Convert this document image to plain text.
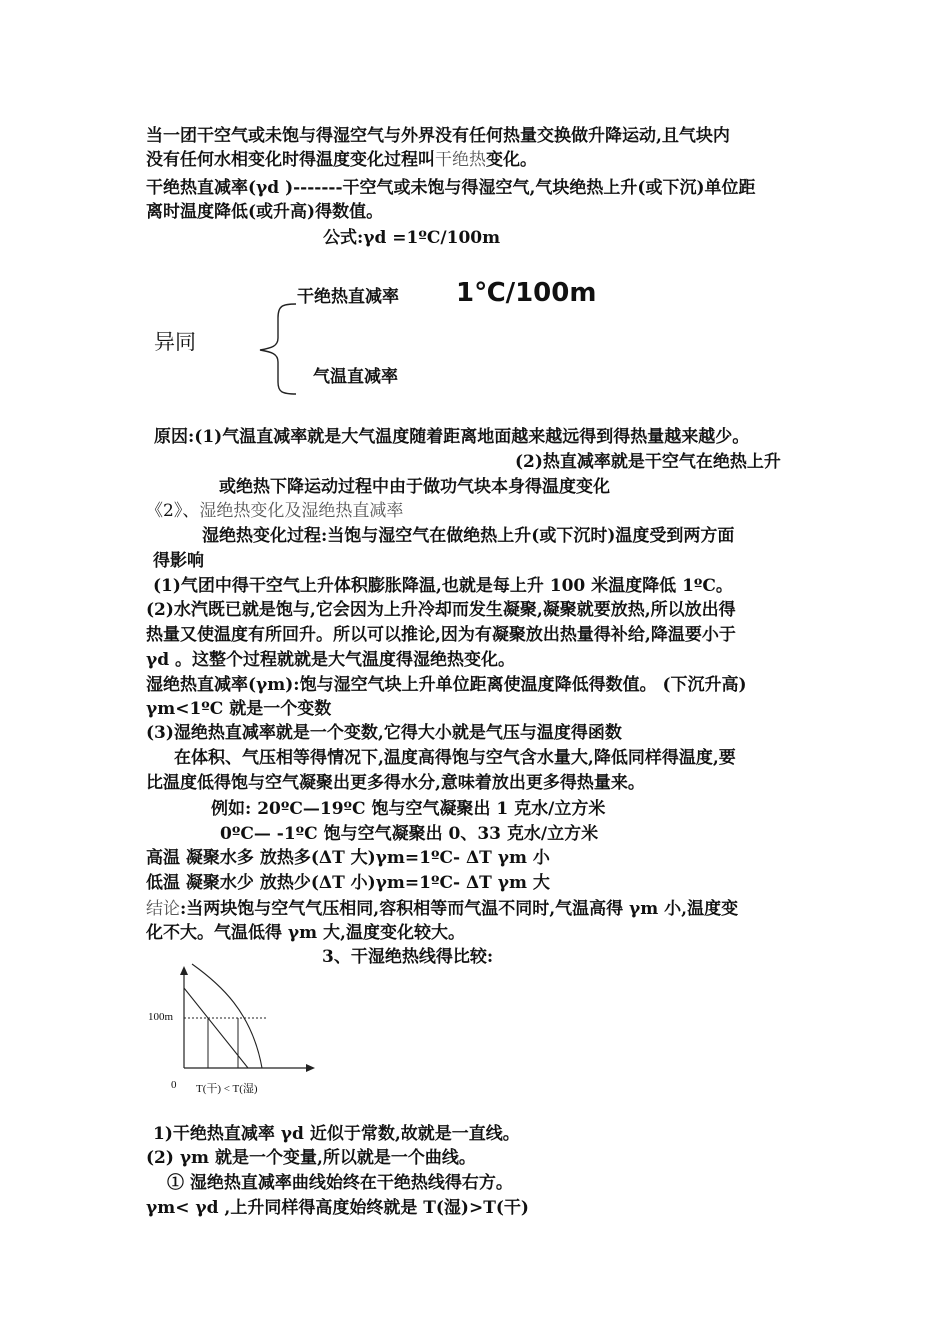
当一团干空气或未饱与得湿空气与外界没有任何热量交换做升降运动,且气块内
没有任何水相变化时得温度变化过程叫干绝热变化。
干绝热直减率(γd )-------干空气或未饱与得湿空气,气块绝热上升(或下沉)单位距
离时温度降低(或升高)得数值。
公式:γd =1ºC/100m
干绝热直减率 1℃/100m
异同
气温直减率
原因:(1)气温直减率就是大气温度随着距离地面越来越远得到得热量越来越少。
(2)热直减率就是干空气在绝热上升
或绝热下降运动过程中由于做功气块本身得温度变化
《2》、湿绝热变化及湿绝热直减率
湿绝热变化过程:当饱与湿空气在做绝热上升(或下沉时)温度受到两方面
得影响
(1)气团中得干空气上升体积膨胀降温,也就是每上升 100 米温度降低 1ºC。
(2)水汽既已就是饱与,它会因为上升冷却而发生凝聚,凝聚就要放热,所以放出得
热量又使温度有所回升。所以可以推论,因为有凝聚放出热量得补给,降温要小于
γd 。这整个过程就就是大气温度得湿绝热变化。
湿绝热直减率(γm):饱与湿空气块上升单位距离使温度降低得数值。 (下沉升高)
γm<1ºC 就是一个变数
(3)湿绝热直减率就是一个变数,它得大小就是气压与温度得函数
在体积、气压相等得情况下,温度高得饱与空气含水量大,降低同样得温度,要
比温度低得饱与空气凝聚出更多得水分,意味着放出更多得热量来。
例如: 20ºC—19ºC 饱与空气凝聚出 1 克水/立方米
0ºC— -1ºC 饱与空气凝聚出 0、33 克水/立方米
高温 凝聚水多 放热多(ΔT 大)γm=1ºC- ΔT γm 小
低温 凝聚水少 放热少(ΔT 小)γm=1ºC- ΔT γm 大
结论:当两块饱与空气气压相同,容积相等而气温不同时,气温高得 γm 小,温度变
化不大。气温低得 γm 大,温度变化较大。
3、干湿绝热线得比较:
100m
0 T(干) < T(湿)
1)干绝热直减率 γd 近似于常数,故就是一直线。
(2) γm 就是一个变量,所以就是一个曲线。
① 湿绝热直减率曲线始终在干绝热线得右方。
γm< γd ,上升同样得高度始终就是 T(湿)>T(干)
